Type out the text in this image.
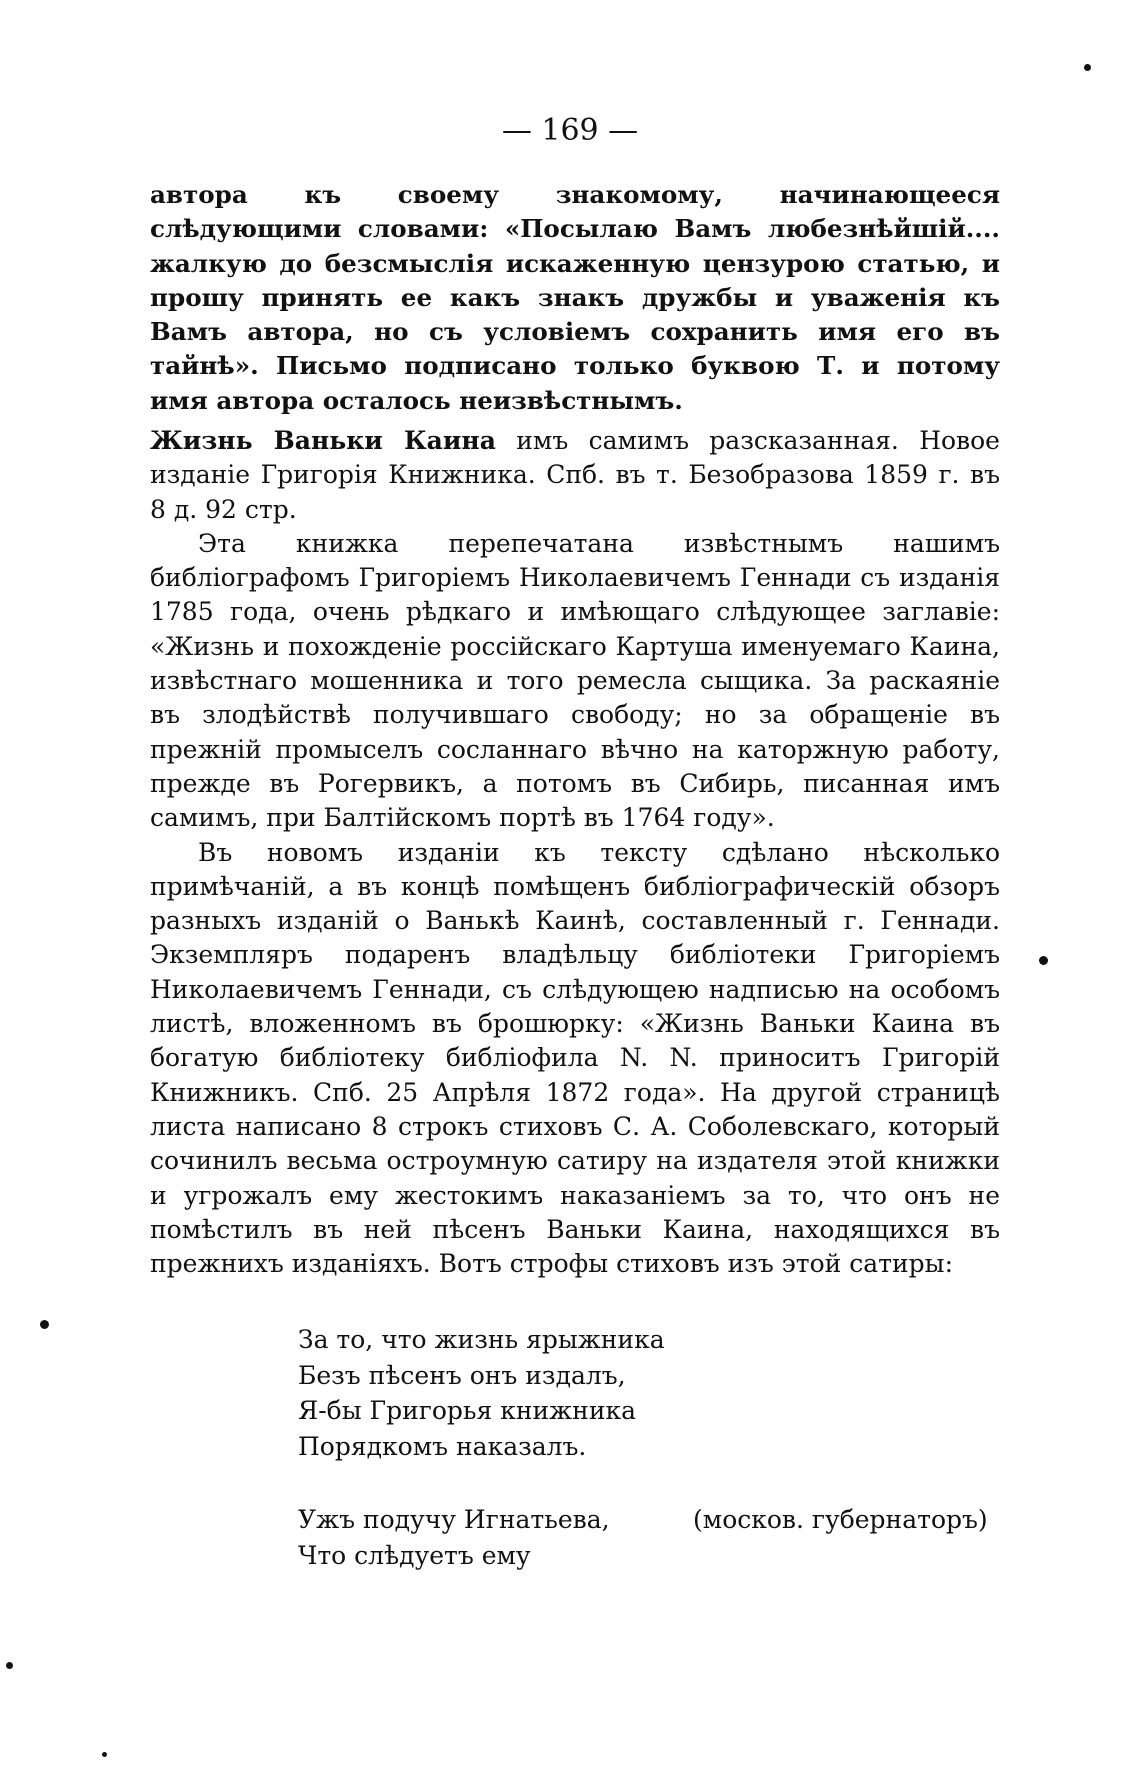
— 169 —

автора къ своему знакомому, начинающееся слѣдующими словами: «Посылаю Вамъ любезнѣйшій.... жалкую до безсмыслія искаженную цензурою статью, и прошу принять ее какъ знакъ дружбы и уваженія къ Вамъ автора, но съ условіемъ сохранить имя его въ тайнѣ». Письмо подписано только буквою Т. и потому имя автора осталось неизвѣстнымъ.

Жизнь Ваньки Каина имъ самимъ разсказанная. Новое изданіе Григорія Книжника. Спб. въ т. Безобразова 1859 г. въ 8 д. 92 стр.

Эта книжка перепечатана извѣстнымъ нашимъ библіографомъ Григоріемъ Николаевичемъ Геннади съ изданія 1785 года, очень рѣдкаго и имѣющаго слѣдующее заглавіе: «Жизнь и похожденіе россійскаго Картуша именуемаго Каина, извѣстнаго мошенника и того ремесла сыщика. За раскаяніе въ злодѣйствѣ получившаго свободу; но за обращеніе въ прежній промыселъ сосланнаго вѣчно на каторжную работу, прежде въ Рогервикъ, а потомъ въ Сибирь, писанная имъ самимъ, при Балтійскомъ портѣ въ 1764 году».

Въ новомъ изданіи къ тексту сдѣлано нѣсколько примѣчаній, а въ концѣ помѣщенъ библіографическій обзоръ разныхъ изданій о Ванькѣ Каинѣ, составленный г. Геннади. Экземпляръ подаренъ владѣльцу библіотеки Григоріемъ Николаевичемъ Геннади, съ слѣдующею надписью на особомъ листѣ, вложенномъ въ брошюрку: «Жизнь Ваньки Каина въ богатую библіотеку библіофила N. N. приноситъ Григорій Книжникъ. Спб. 25 Апрѣля 1872 года». На другой страницѣ листа написано 8 строкъ стиховъ С. А. Соболевскаго, который сочинилъ весьма остроумную сатиру на издателя этой книжки и угрожалъ ему жестокимъ наказаніемъ за то, что онъ не помѣстилъ въ ней пѣсенъ Ваньки Каина, находящихся въ прежнихъ изданіяхъ. Вотъ строфы стиховъ изъ этой сатиры:

За то, что жизнь ярыжника
Безъ пѣсенъ онъ издалъ,
Я-бы Григорья книжника
Порядкомъ наказалъ.
Ужъ подучу Игнатьева,	(москов. губернаторъ)
Что слѣдуетъ ему
